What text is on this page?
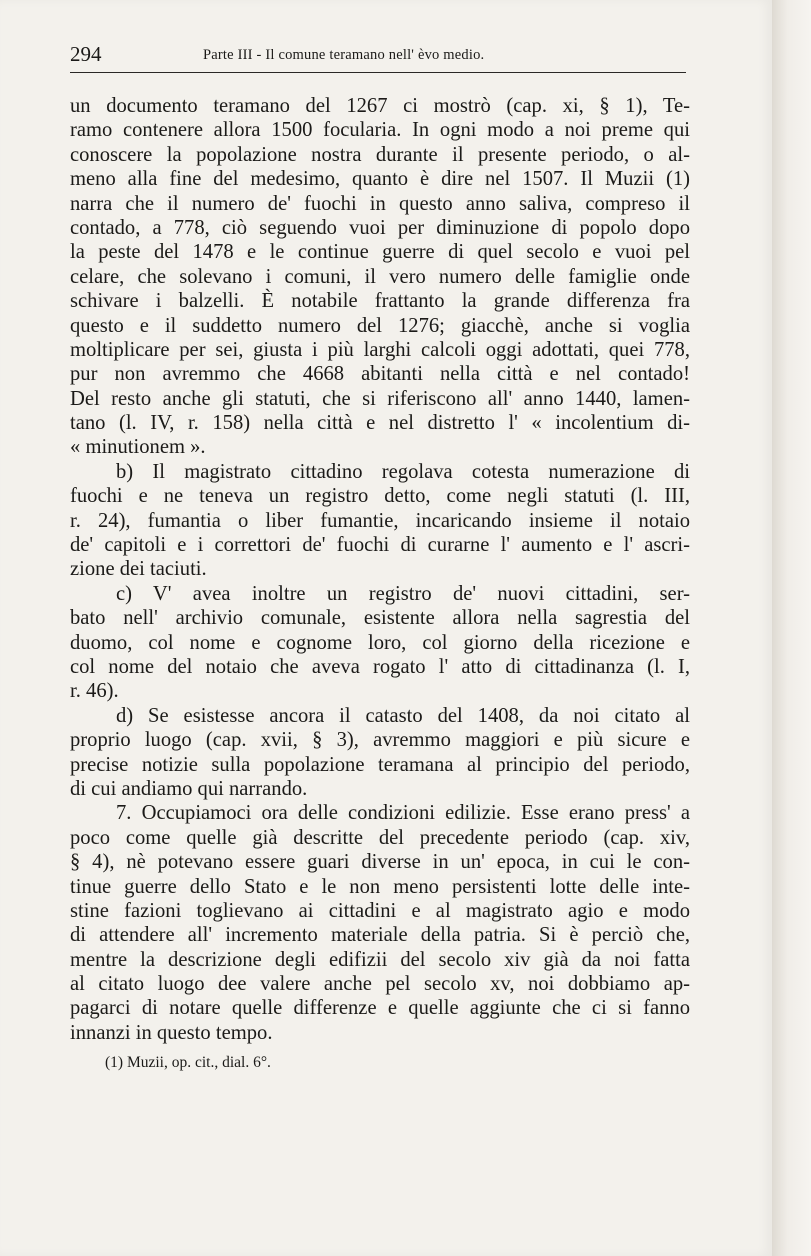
294	Parte III - Il comune teramano nell' èvo medio.
un documento teramano del 1267 ci mostrò (cap. xi, § 1), Te-
ramo contenere allora 1500 focularia. In ogni modo a noi preme qui
conoscere la popolazione nostra durante il presente periodo, o al-
meno alla fine del medesimo, quanto è dire nel 1507. Il Muzii (1)
narra che il numero de' fuochi in questo anno saliva, compreso il
contado, a 778, ciò seguendo vuoi per diminuzione di popolo dopo
la peste del 1478 e le continue guerre di quel secolo e vuoi pel
celare, che solevano i comuni, il vero numero delle famiglie onde
schivare i balzelli. È notabile frattanto la grande differenza fra
questo e il suddetto numero del 1276; giacchè, anche si voglia
moltiplicare per sei, giusta i più larghi calcoli oggi adottati, quei 778,
pur non avremmo che 4668 abitanti nella città e nel contado!
Del resto anche gli statuti, che si riferiscono all' anno 1440, lamen-
tano (l. IV, r. 158) nella città e nel distretto l' « incolentium di-
« minutionem ».
b) Il magistrato cittadino regolava cotesta numerazione di
fuochi e ne teneva un registro detto, come negli statuti (l. III,
r. 24), fumantia o liber fumantie, incaricando insieme il notaio
de' capitoli e i correttori de' fuochi di curarne l' aumento e l' ascri-
zione dei taciuti.
c) V' avea inoltre un registro de' nuovi cittadini, ser-
bato nell' archivio comunale, esistente allora nella sagrestia del
duomo, col nome e cognome loro, col giorno della ricezione e
col nome del notaio che aveva rogato l' atto di cittadinanza (l. I,
r. 46).
d) Se esistesse ancora il catasto del 1408, da noi citato al
proprio luogo (cap. xvii, § 3), avremmo maggiori e più sicure e
precise notizie sulla popolazione teramana al principio del periodo,
di cui andiamo qui narrando.
7. Occupiamoci ora delle condizioni edilizie. Esse erano press' a
poco come quelle già descritte del precedente periodo (cap. xiv,
§ 4), nè potevano essere guari diverse in un' epoca, in cui le con-
tinue guerre dello Stato e le non meno persistenti lotte delle inte-
stine fazioni toglievano ai cittadini e al magistrato agio e modo
di attendere all' incremento materiale della patria. Si è perciò che,
mentre la descrizione degli edifizii del secolo xiv già da noi fatta
al citato luogo dee valere anche pel secolo xv, noi dobbiamo ap-
pagarci di notare quelle differenze e quelle aggiunte che ci si fanno
innanzi in questo tempo.
(1) Muzii, op. cit., dial. 6°.
